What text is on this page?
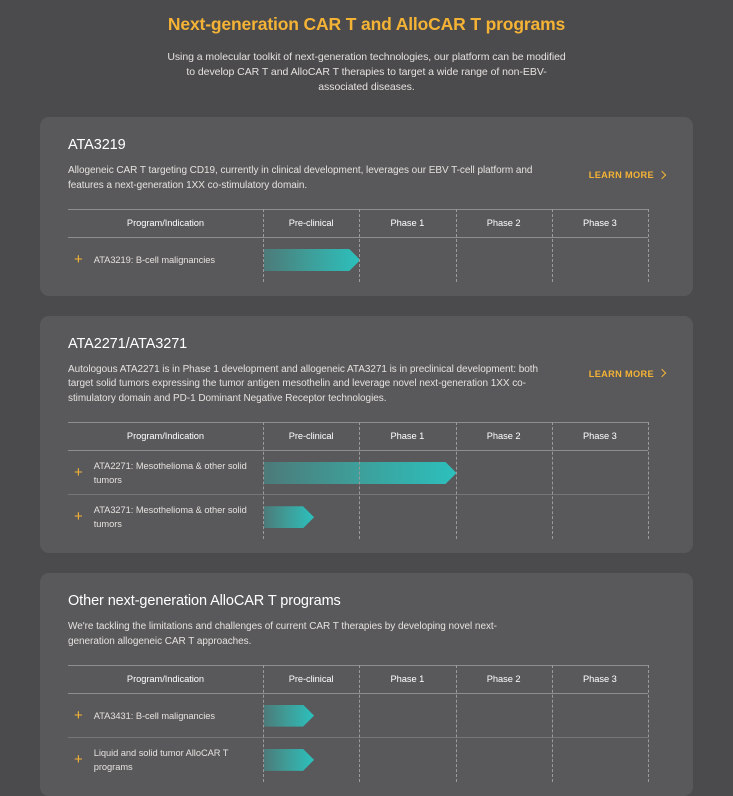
Next-generation CAR T and AlloCAR T programs

Using a molecular toolkit of next-generation technologies, our platform can be modified to develop CAR T and AlloCAR T therapies to target a wide range of non-EBV-associated diseases.

ATA3219

Allogeneic CAR T targeting CD19, currently in clinical development, leverages our EBV T-cell platform and features a next-generation 1XX co-stimulatory domain.

LEARN MORE
Program/Indication	Pre-clinical	Phase 1	Phase 2	Phase 3

+ ATA3219: B-cell malignancies				

ATA2271/ATA3271

Autologous ATA2271 is in Phase 1 development and allogeneic ATA3271 is in preclinical development: both target solid tumors expressing the tumor antigen mesothelin and leverage novel next-generation 1XX co-stimulatory domain and PD-1 Dominant Negative Receptor technologies.

LEARN MORE
Program/Indication	Pre-clinical	Phase 1	Phase 2	Phase 3

+ ATA2271: Mesothelioma & other solid tumors				

+ ATA3271: Mesothelioma & other solid tumors				

Other next-generation AlloCAR T programs

We're tackling the limitations and challenges of current CAR T therapies by developing novel next-generation allogeneic CAR T approaches.

Program/Indication	Pre-clinical	Phase 1	Phase 2	Phase 3

+ ATA3431: B-cell malignancies				

+ Liquid and solid tumor AlloCAR T programs				
